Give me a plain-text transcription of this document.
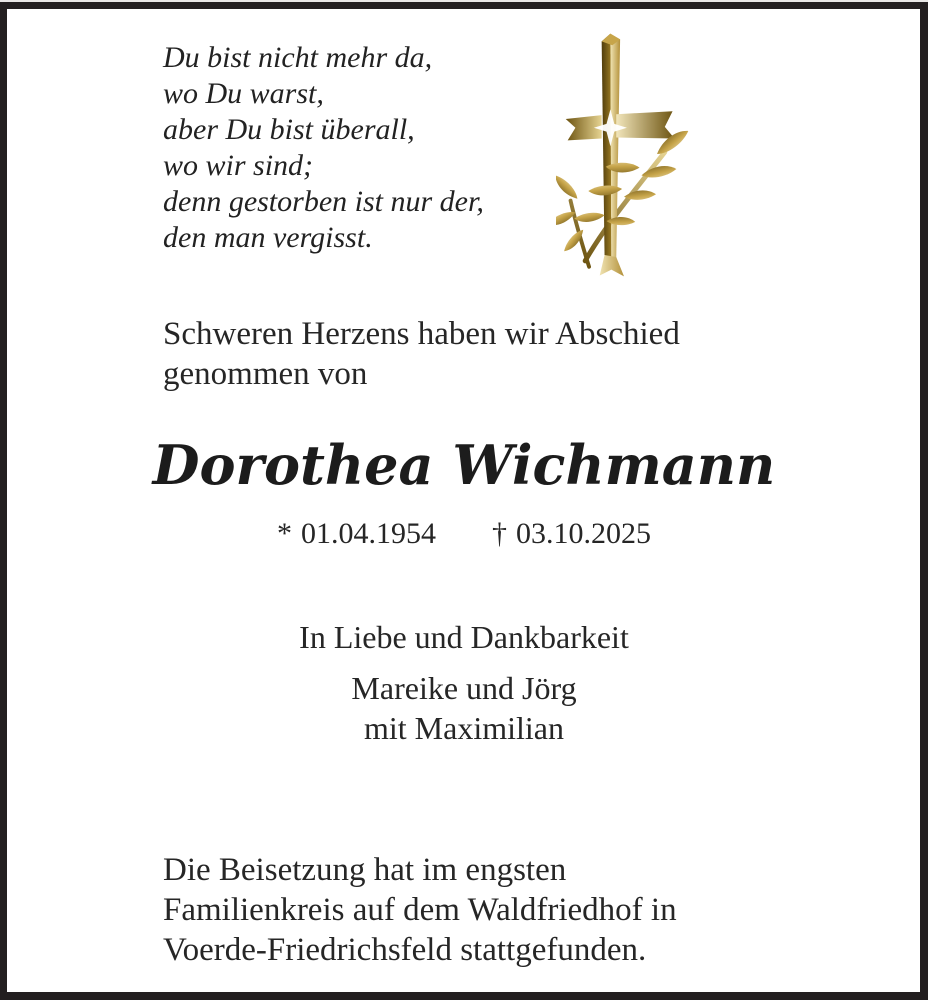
Du bist nicht mehr da,
wo Du warst,
aber Du bist überall,
wo wir sind;
denn gestorben ist nur der,
den man vergisst.
Schweren Herzens haben wir Abschied
genommen von
Dorothea Wichmann
* 01.04.1954 † 03.10.2025
In Liebe und Dankbarkeit
Mareike und Jörg
mit Maximilian
Die Beisetzung hat im engsten
Familienkreis auf dem Waldfriedhof in
Voerde-Friedrichsfeld stattgefunden.
